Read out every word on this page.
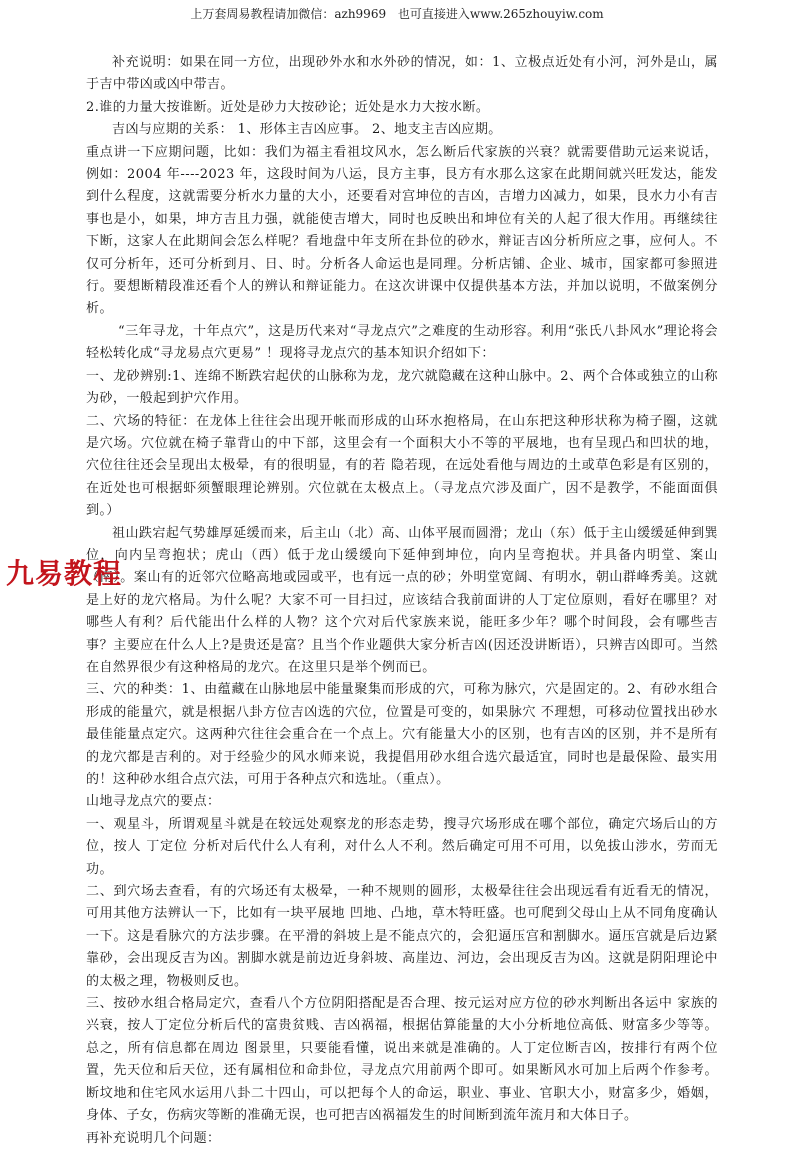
上万套周易教程请加微信：azh9969 也可直接进入www.265zhouyiw.com

补充说明：如果在同一方位，出现砂外水和水外砂的情况，如：1、立极点近处有小河，河外是山，属于吉中带凶或凶中带吉。

2.谁的力量大按谁断。近处是砂力大按砂论；近处是水力大按水断。

吉凶与应期的关系： 1、形体主吉凶应事。 2、地支主吉凶应期。

重点讲一下应期问题，比如：我们为福主看祖坟风水，怎么断后代家族的兴衰？就需要借助元运来说话，例如：2004 年----2023 年，这段时间为八运，艮方主事，艮方有水那么这家在此期间就兴旺发达，能发到什么程度，这就需要分析水力量的大小，还要看对宫坤位的吉凶，吉增力凶减力，如果，艮水力小有吉事也是小，如果，坤方吉且力强，就能使吉增大，同时也反映出和坤位有关的人起了很大作用。再继续往下断，这家人在此期间会怎么样呢？看地盘中年支所在卦位的砂水，辩证吉凶分析所应之事，应何人。不仅可分析年，还可分析到月、日、时。分析各人命运也是同理。分析店铺、企业、城市，国家都可参照进行。要想断精段准还看个人的辨认和辩证能力。在这次讲课中仅提供基本方法，并加以说明，不做案例分析。

“三年寻龙，十年点穴”，这是历代来对“寻龙点穴”之难度的生动形容。利用“张氏八卦风水”理论将会轻松转化成“寻龙易点穴更易” ！现将寻龙点穴的基本知识介绍如下：

一、龙砂辨别:1、连绵不断跌宕起伏的山脉称为龙，龙穴就隐藏在这种山脉中。2、两个合体或独立的山称为砂，一般起到护穴作用。

二、穴场的特征：在龙体上往往会出现开帐而形成的山环水抱格局，在山东把这种形状称为椅子圈，这就是穴场。穴位就在椅子靠背山的中下部，这里会有一个面积大小不等的平展地，也有呈现凸和凹状的地，穴位往往还会呈现出太极晕，有的很明显，有的若 隐若现，在远处看他与周边的土或草色彩是有区别的，在近处也可根据虾须蟹眼理论辨别。穴位就在太极点上。（寻龙点穴涉及面广，因不是教学，不能面面俱到。）

祖山跌宕起气势雄厚延缓而来，后主山（北）高、山体平展而圆滑；龙山（东）低于主山缓缓延伸到巽位，向内呈弯抱状；虎山（西）低于龙山缓缓向下延伸到坤位，向内呈弯抱状。并具备内明堂、案山（南）。案山有的近邻穴位略高地或园或平，也有远一点的砂；外明堂宽阔、有明水，朝山群峰秀美。这就是上好的龙穴格局。为什么呢？大家不可一目扫过，应该结合我前面讲的人丁定位原则，看好在哪里？对哪些人有利？后代能出什么样的人物？这个穴对后代家族来说，能旺多少年？哪个时间段，会有哪些吉事？主要应在什么人上?是贵还是富？且当个作业题供大家分析吉凶(因还没讲断语），只辨吉凶即可。当然在自然界很少有这种格局的龙穴。在这里只是举个例而已。

三、穴的种类：1、由蕴藏在山脉地层中能量聚集而形成的穴，可称为脉穴，穴是固定的。2、有砂水组合形成的能量穴，就是根据八卦方位吉凶选的穴位，位置是可变的，如果脉穴 不理想，可移动位置找出砂水最佳能量点定穴。这两种穴往往会重合在一个点上。穴有能量大小的区别，也有吉凶的区别，并不是所有的龙穴都是吉利的。对于经验少的风水师来说，我提倡用砂水组合选穴最适宜，同时也是最保险、最实用的！这种砂水组合点穴法，可用于各种点穴和选址。（重点）。

山地寻龙点穴的要点：

一、观星斗，所谓观星斗就是在较远处观察龙的形态走势，搜寻穴场形成在哪个部位，确定穴场后山的方位，按人 丁定位 分析对后代什么人有利，对什么人不利。然后确定可用不可用，以免拔山涉水，劳而无功。

二、到穴场去查看，有的穴场还有太极晕，一种不规则的圆形，太极晕往往会出现远看有近看无的情况，可用其他方法辨认一下，比如有一块平展地 凹地、凸地，草木特旺盛。也可爬到父母山上从不同角度确认一下。这是看脉穴的方法步骤。在平滑的斜坡上是不能点穴的，会犯逼压宫和割脚水。逼压宫就是后边紧靠砂，会出现反吉为凶。割脚水就是前边近身斜坡、高崖边、河边，会出现反吉为凶。这就是阴阳理论中的太极之理，物极则反也。

三、按砂水组合格局定穴，查看八个方位阴阳搭配是否合理、按元运对应方位的砂水判断出各运中 家族的兴衰，按人丁定位分析后代的富贵贫贱、吉凶祸福，根据估算能量的大小分析地位高低、财富多少等等。总之，所有信息都在周边 图景里，只要能看懂，说出来就是准确的。人丁定位断吉凶，按排行有两个位置，先天位和后天位，还有属相位和命卦位，寻龙点穴用前两个即可。如果断风水可加上后两个作参考。断坟地和住宅风水运用八卦二十四山，可以把每个人的命运，职业、事业、官职大小，财富多少，婚姻，身体、子女，伤病灾等断的准确无误，也可把吉凶祸福发生的时间断到流年流月和大体日子。

再补充说明几个问题：

九易教程
